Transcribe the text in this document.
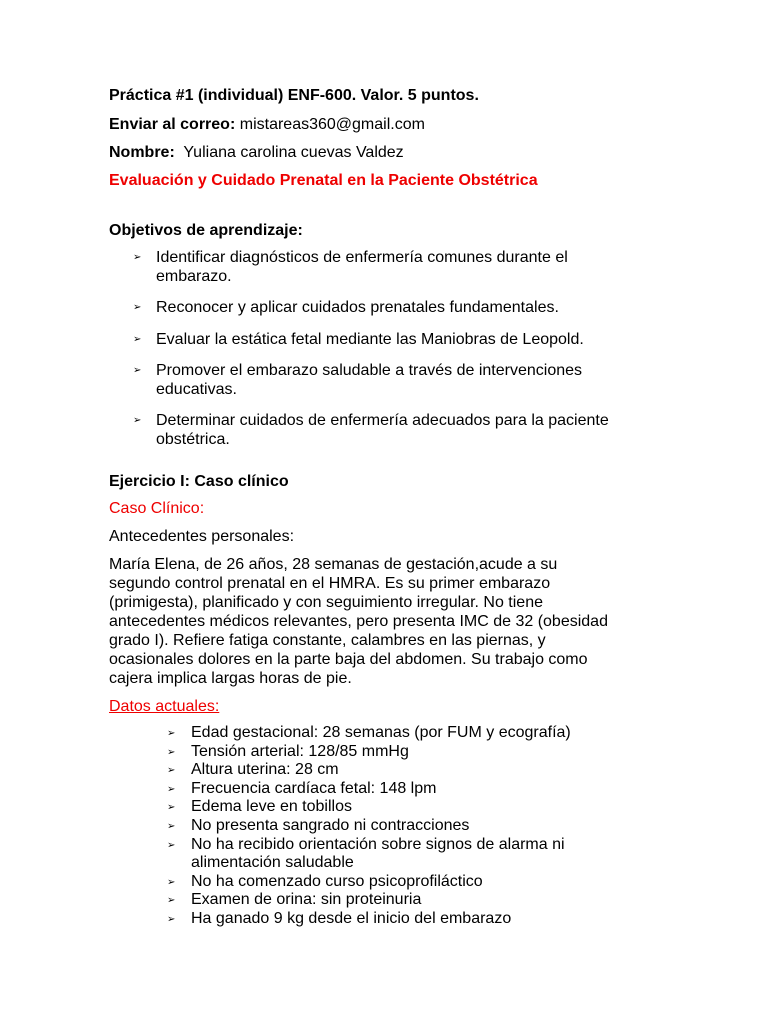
Práctica #1 (individual) ENF-600. Valor. 5 puntos.
Enviar al correo: mistareas360@gmail.com
Nombre: Yuliana carolina cuevas Valdez
Evaluación y Cuidado Prenatal en la Paciente Obstétrica
Objetivos de aprendizaje:
➢ Identificar diagnósticos de enfermería comunes durante el
embarazo.
➢ Reconocer y aplicar cuidados prenatales fundamentales.
➢ Evaluar la estática fetal mediante las Maniobras de Leopold.
➢ Promover el embarazo saludable a través de intervenciones
educativas.
➢ Determinar cuidados de enfermería adecuados para la paciente
obstétrica.
Ejercicio I: Caso clínico
Caso Clínico:
Antecedentes personales:
María Elena, de 26 años, 28 semanas de gestación,acude a su
segundo control prenatal en el HMRA. Es su primer embarazo
(primigesta), planificado y con seguimiento irregular. No tiene
antecedentes médicos relevantes, pero presenta IMC de 32 (obesidad
grado I). Refiere fatiga constante, calambres en las piernas, y
ocasionales dolores en la parte baja del abdomen. Su trabajo como
cajera implica largas horas de pie.
Datos actuales:
➢ Edad gestacional: 28 semanas (por FUM y ecografía)
➢ Tensión arterial: 128/85 mmHg
➢ Altura uterina: 28 cm
➢ Frecuencia cardíaca fetal: 148 lpm
➢ Edema leve en tobillos
➢ No presenta sangrado ni contracciones
➢ No ha recibido orientación sobre signos de alarma ni
alimentación saludable
➢ No ha comenzado curso psicoprofiláctico
➢ Examen de orina: sin proteinuria
➢ Ha ganado 9 kg desde el inicio del embarazo
